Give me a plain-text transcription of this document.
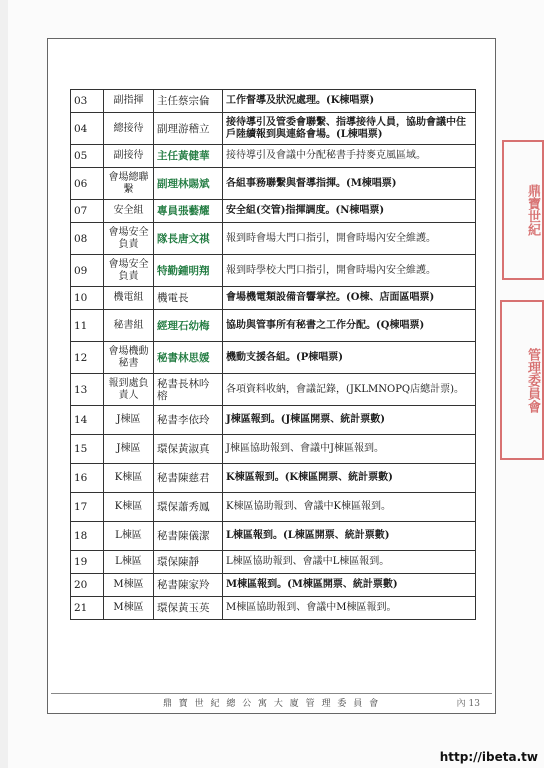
03	副指揮	主任蔡宗倫	工作督導及狀況處理。(K棟唱票)
04	總接待	副理游稽立	接待導引及管委會聯繫、指導接待人員，協助會議中住戶陸續報到與連絡會場。(L棟唱票)
05	副接待	主任黃健華	接待導引及會議中分配秘書手持麥克風區域。
06	會場總聯繫	副理林賜斌	各組事務聯繫與督導指揮。(M棟唱票)
07	安全組	專員張藝耀	安全組(交管)指揮調度。(N棟唱票)
08	會場安全負責	隊長唐文祺	報到時會場大門口指引，開會時場內安全維護。
09	會場安全負責	特勤鍾明翔	報到時學校大門口指引，開會時場內安全維護。
10	機電組	機電長	會場機電類設備音響掌控。(O棟、店面區唱票)
11	秘書組	經理石幼梅	協助與管事所有秘書之工作分配。(Q棟唱票)
12	會場機動秘書	秘書林思媛	機動支援各組。(P棟唱票)
13	報到處負責人	秘書長林吟榕	各項資料收納，會議記錄，(JKLMNOPQ店總計票)。
14	J棟區	秘書李依玲	J棟區報到。(J棟區開票、統計票數)
15	J棟區	環保黃淑真	J棟區協助報到、會議中J棟區報到。
16	K棟區	秘書陳慈君	K棟區報到。(K棟區開票、統計票數)
17	K棟區	環保蕭秀鳳	K棟區協助報到、會議中K棟區報到。
18	L棟區	秘書陳儀潔	L棟區報到。(L棟區開票、統計票數)
19	L棟區	環保陳靜	L棟區協助報到、會議中L棟區報到。
20	M棟區	秘書陳家羚	M棟區報到。(M棟區開票、統計票數)
21	M棟區	環保黃玉英	M棟區協助報到、會議中M棟區報到。
鼎 寶 世 紀 總 公 寓 大 廈 管 理 委 員 會	內 13
鼎寶世紀
管理委員會
http://ibeta.tw
